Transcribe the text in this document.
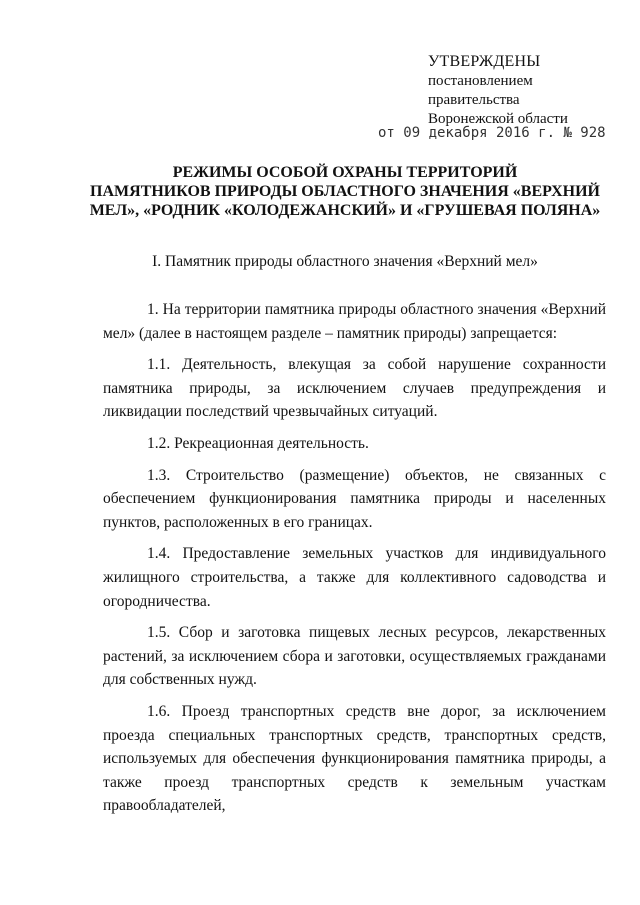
УТВЕРЖДЕНЫ
постановлением
правительства
Воронежской области
от 09 декабря 2016 г. № 928
РЕЖИМЫ ОСОБОЙ ОХРАНЫ ТЕРРИТОРИЙ
ПАМЯТНИКОВ ПРИРОДЫ ОБЛАСТНОГО ЗНАЧЕНИЯ «ВЕРХНИЙ
МЕЛ», «РОДНИК «КОЛОДЕЖАНСКИЙ» И «ГРУШЕВАЯ ПОЛЯНА»
I. Памятник природы областного значения «Верхний мел»

1. На территории памятника природы областного значения «Верхний мел» (далее в настоящем разделе – памятник природы) запрещается:

1.1. Деятельность, влекущая за собой нарушение сохранности памятника природы, за исключением случаев предупреждения и ликвидации последствий чрезвычайных ситуаций.

1.2. Рекреационная деятельность.

1.3. Строительство (размещение) объектов, не связанных с обеспечением функционирования памятника природы и населенных пунктов, расположенных в его границах.

1.4. Предоставление земельных участков для индивидуального жилищного строительства, а также для коллективного садоводства и огородничества.

1.5. Сбор и заготовка пищевых лесных ресурсов, лекарственных растений, за исключением сбора и заготовки, осуществляемых гражданами для собственных нужд.

1.6. Проезд транспортных средств вне дорог, за исключением проезда специальных транспортных средств, транспортных средств, используемых для обеспечения функционирования памятника природы, а также проезд транспортных средств к земельным участкам правообладателей,
